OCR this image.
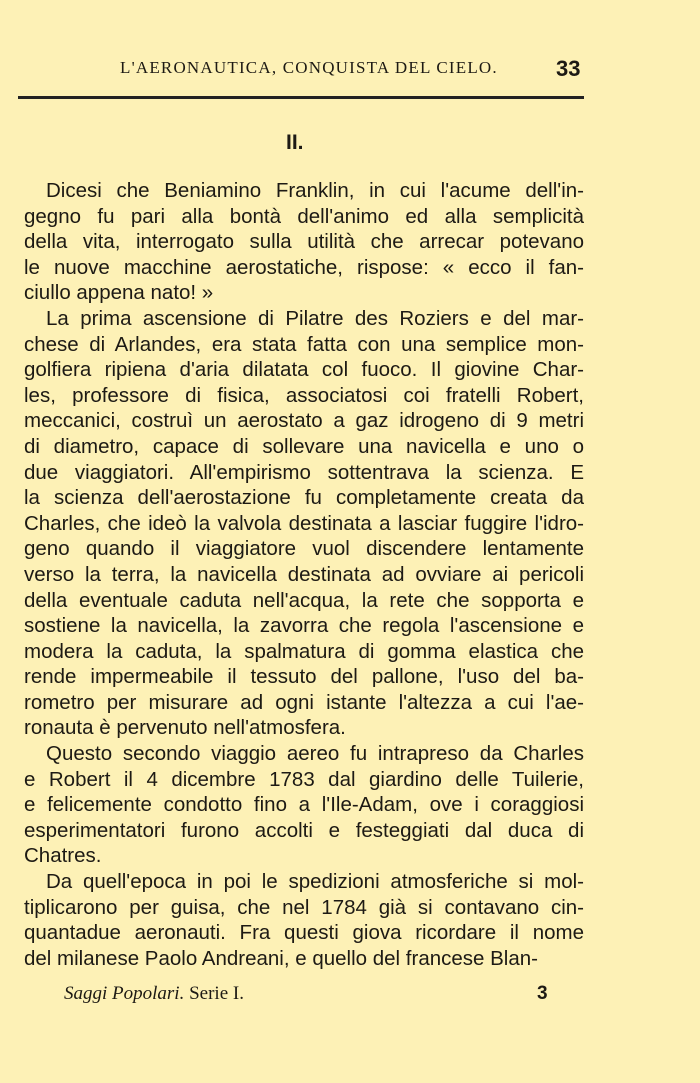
L'AERONAUTICA, CONQUISTA DEL CIELO.	33
II.
Dicesi che Beniamino Franklin, in cui l'acume dell'in-
gegno fu pari alla bontà dell'animo ed alla semplicità
della vita, interrogato sulla utilità che arrecar potevano
le nuove macchine aerostatiche, rispose: « ecco il fan-
ciullo appena nato! »
La prima ascensione di Pilatre des Roziers e del mar-
chese di Arlandes, era stata fatta con una semplice mon-
golfiera ripiena d'aria dilatata col fuoco. Il giovine Char-
les, professore di fisica, associatosi coi fratelli Robert,
meccanici, costruì un aerostato a gaz idrogeno di 9 metri
di diametro, capace di sollevare una navicella e uno o
due viaggiatori. All'empirismo sottentrava la scienza. E
la scienza dell'aerostazione fu completamente creata da
Charles, che ideò la valvola destinata a lasciar fuggire l'idro-
geno quando il viaggiatore vuol discendere lentamente
verso la terra, la navicella destinata ad ovviare ai pericoli
della eventuale caduta nell'acqua, la rete che sopporta e
sostiene la navicella, la zavorra che regola l'ascensione e
modera la caduta, la spalmatura di gomma elastica che
rende impermeabile il tessuto del pallone, l'uso del ba-
rometro per misurare ad ogni istante l'altezza a cui l'ae-
ronauta è pervenuto nell'atmosfera.
Questo secondo viaggio aereo fu intrapreso da Charles
e Robert il 4 dicembre 1783 dal giardino delle Tuilerie,
e felicemente condotto fino a l'Ile-Adam, ove i coraggiosi
esperimentatori furono accolti e festeggiati dal duca di
Chatres.
Da quell'epoca in poi le spedizioni atmosferiche si mol-
tiplicarono per guisa, che nel 1784 già si contavano cin-
quantadue aeronauti. Fra questi giova ricordare il nome
del milanese Paolo Andreani, e quello del francese Blan-
Saggi Popolari. Serie I.	3
